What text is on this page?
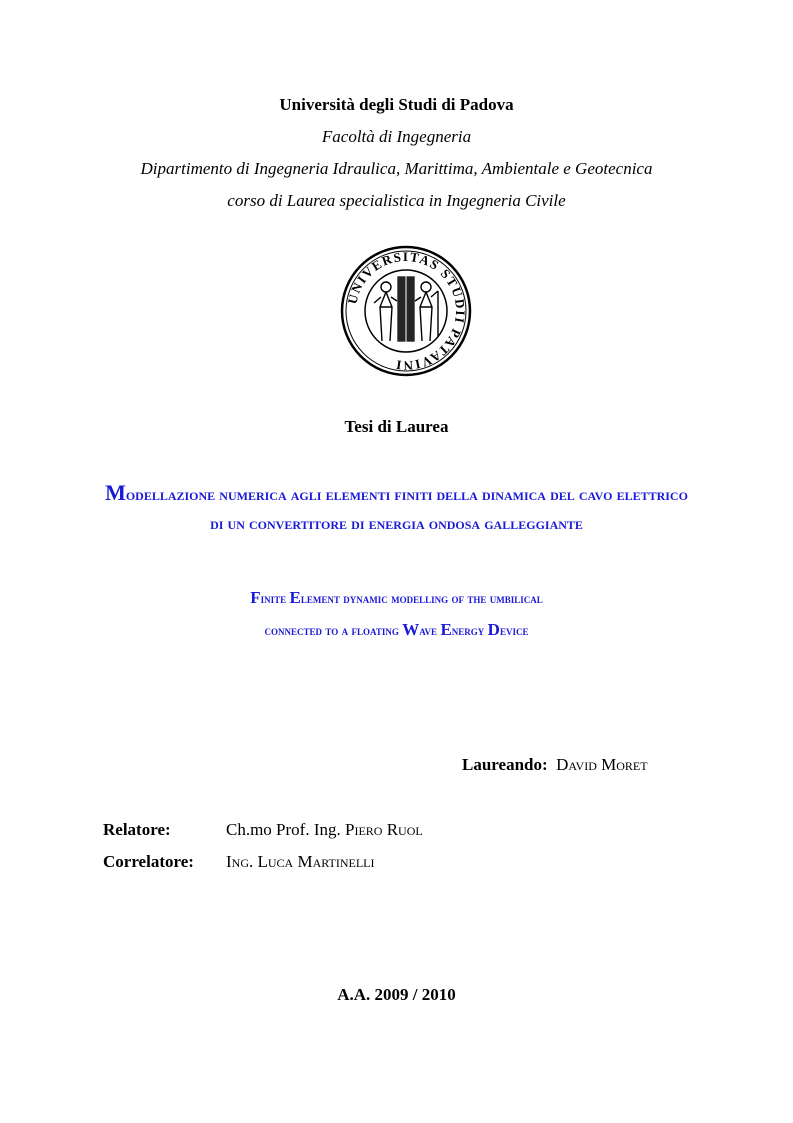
Università degli Studi di Padova
Facoltà di Ingegneria
Dipartimento di Ingegneria Idraulica, Marittima, Ambientale e Geotecnica
corso di Laurea specialistica in Ingegneria Civile
UNIVERSITAS STUDII PATAVINI
Tesi di Laurea
Modellazione numerica agli elementi finiti della dinamica del cavo elettrico di un convertitore di energia ondosa galleggiante
Finite Element dynamic modelling of the umbilical
connected to a floating Wave Energy Device
Laureando: David Moret
Relatore:	Ch.mo Prof. Ing. Piero Ruol
Correlatore: Ing. Luca Martinelli
A.A. 2009 / 2010
